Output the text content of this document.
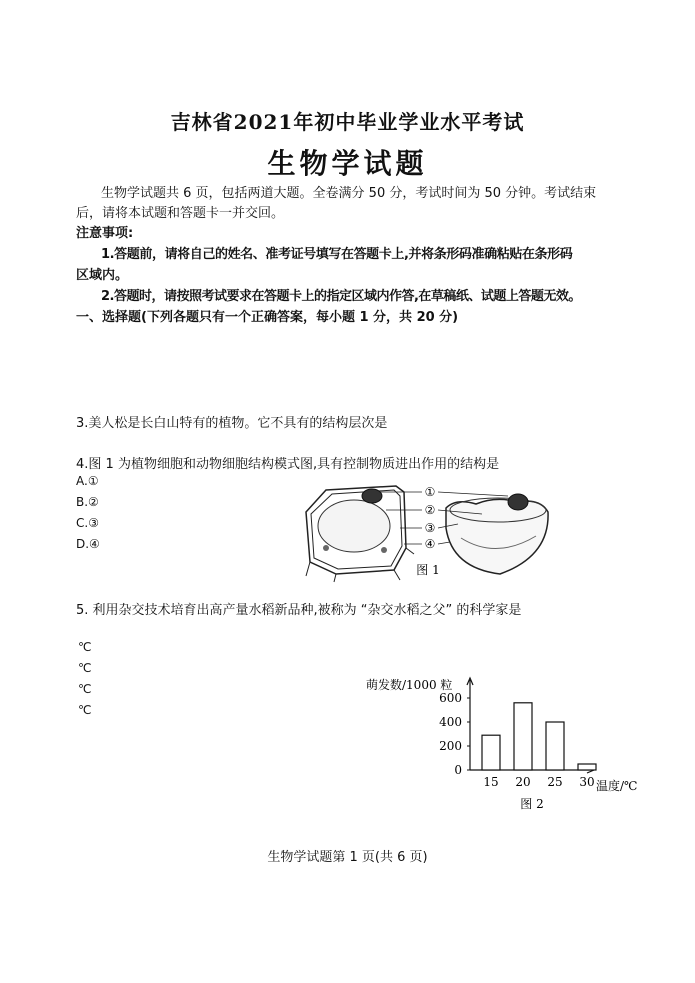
吉林省2021年初中毕业学业水平考试
生物学试题
生物学试题共 6 页，包括两道大题。全卷满分 50 分，考试时间为 50 分钟。考试结束
后，请将本试题和答题卡一并交回。
注意事项:
1.答题前，请将自己的姓名、准考证号填写在答题卡上,并将条形码准确粘贴在条形码
区域内。
2.答题时，请按照考试要求在答题卡上的指定区域内作答,在草稿纸、试题上答题无效。
一、选择题(下列各题只有一个正确答案，每小题 1 分，共 20 分)
3.美人松是长白山特有的植物。它不具有的结构层次是
4.图 1 为植物细胞和动物细胞结构模式图,具有控制物质进出作用的结构是
A.①
B.②
C.③
D.④
①
②
③
④
图 1
5. 利用杂交技术培育出高产量水稻新品种,被称为 “杂交水稻之父” 的科学家是
℃
℃
℃
℃
萌发数/1000 粒
0
200
400
600
15 20 25 30 温度/℃
图 2
生物学试题第 1 页(共 6 页)
